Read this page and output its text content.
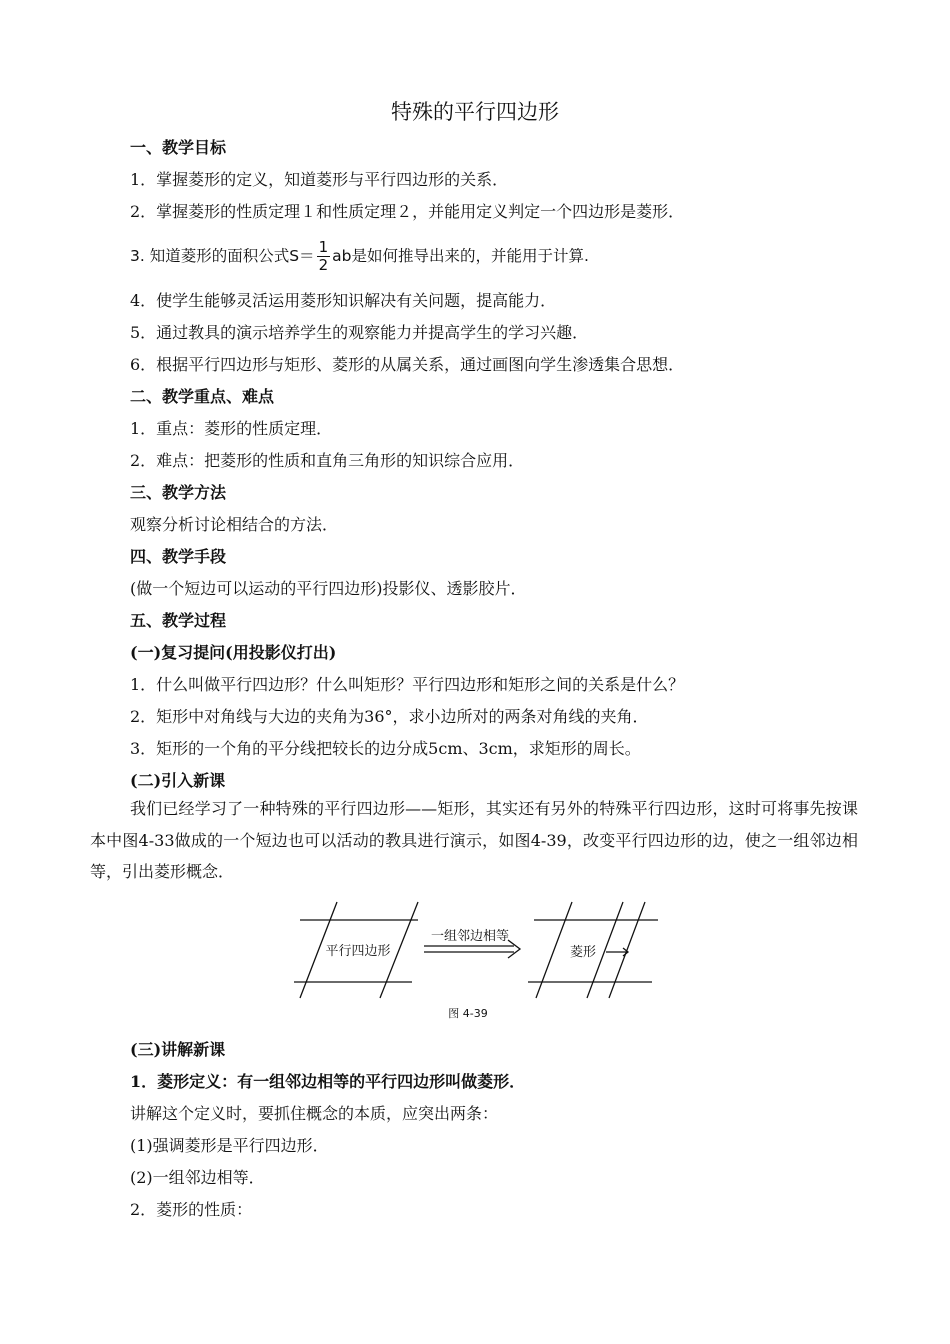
特殊的平行四边形
一、教学目标
1．掌握菱形的定义，知道菱形与平行四边形的关系．
2．掌握菱形的性质定理１和性质定理２，并能用定义判定一个四边形是菱形．
3. 知道菱形的面积公式$S= \frac{1}{2}$ ab是如何推导出来的，并能用于计算.
4．使学生能够灵活运用菱形知识解决有关问题，提高能力．
5．通过教具的演示培养学生的观察能力并提高学生的学习兴趣．
6．根据平行四边形与矩形、菱形的从属关系，通过画图向学生渗透集合思想．
二、教学重点、难点
1．重点：菱形的性质定理．
2．难点：把菱形的性质和直角三角形的知识综合应用．
三、教学方法
观察分析讨论相结合的方法．
四、教学手段
(做一个短边可以运动的平行四边形)投影仪、透影胶片．
五、教学过程
(一)复习提问(用投影仪打出)
1．什么叫做平行四边形？什么叫矩形？平行四边形和矩形之间的关系是什么？
2．矩形中对角线与大边的夹角为36°，求小边所对的两条对角线的夹角．
3．矩形的一个角的平分线把较长的边分成5cm、3cm，求矩形的周长。
(二)引入新课
我们已经学习了一种特殊的平行四边形——矩形，其实还有另外的特殊平行四边形，这时可将事先按课本中图4-33做成的一个短边也可以活动的教具进行演示，如图4-39，改变平行四边形的边，使之一组邻边相等，引出菱形概念．
平行四边形
一组邻边相等
菱形
图 4-39
(三)讲解新课
1．菱形定义：有一组邻边相等的平行四边形叫做菱形．
讲解这个定义时，要抓住概念的本质，应突出两条：
(1)强调菱形是平行四边形．
(2)一组邻边相等．
2．菱形的性质：
